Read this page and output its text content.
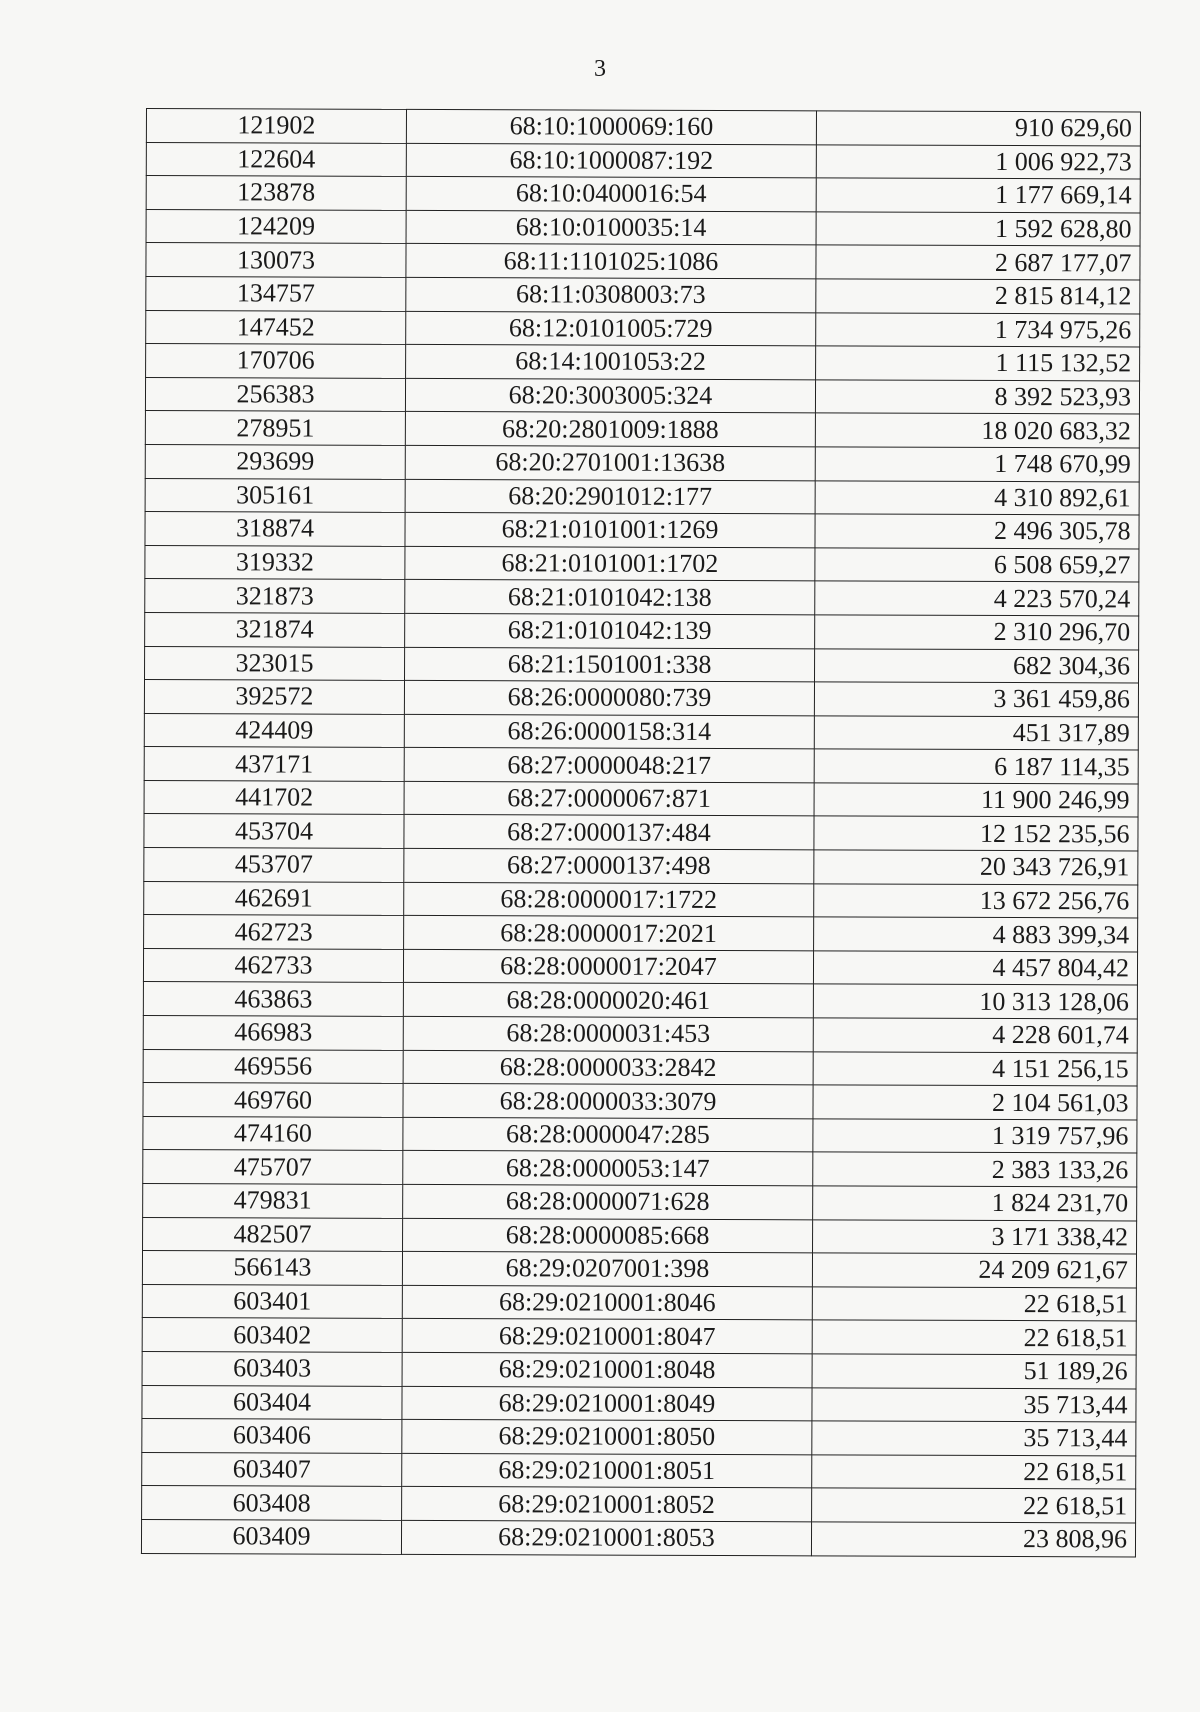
3
121902	68:10:1000069:160	910 629,60
122604	68:10:1000087:192	1 006 922,73
123878	68:10:0400016:54	1 177 669,14
124209	68:10:0100035:14	1 592 628,80
130073	68:11:1101025:1086	2 687 177,07
134757	68:11:0308003:73	2 815 814,12
147452	68:12:0101005:729	1 734 975,26
170706	68:14:1001053:22	1 115 132,52
256383	68:20:3003005:324	8 392 523,93
278951	68:20:2801009:1888	18 020 683,32
293699	68:20:2701001:13638	1 748 670,99
305161	68:20:2901012:177	4 310 892,61
318874	68:21:0101001:1269	2 496 305,78
319332	68:21:0101001:1702	6 508 659,27
321873	68:21:0101042:138	4 223 570,24
321874	68:21:0101042:139	2 310 296,70
323015	68:21:1501001:338	682 304,36
392572	68:26:0000080:739	3 361 459,86
424409	68:26:0000158:314	451 317,89
437171	68:27:0000048:217	6 187 114,35
441702	68:27:0000067:871	11 900 246,99
453704	68:27:0000137:484	12 152 235,56
453707	68:27:0000137:498	20 343 726,91
462691	68:28:0000017:1722	13 672 256,76
462723	68:28:0000017:2021	4 883 399,34
462733	68:28:0000017:2047	4 457 804,42
463863	68:28:0000020:461	10 313 128,06
466983	68:28:0000031:453	4 228 601,74
469556	68:28:0000033:2842	4 151 256,15
469760	68:28:0000033:3079	2 104 561,03
474160	68:28:0000047:285	1 319 757,96
475707	68:28:0000053:147	2 383 133,26
479831	68:28:0000071:628	1 824 231,70
482507	68:28:0000085:668	3 171 338,42
566143	68:29:0207001:398	24 209 621,67
603401	68:29:0210001:8046	22 618,51
603402	68:29:0210001:8047	22 618,51
603403	68:29:0210001:8048	51 189,26
603404	68:29:0210001:8049	35 713,44
603406	68:29:0210001:8050	35 713,44
603407	68:29:0210001:8051	22 618,51
603408	68:29:0210001:8052	22 618,51
603409	68:29:0210001:8053	23 808,96
